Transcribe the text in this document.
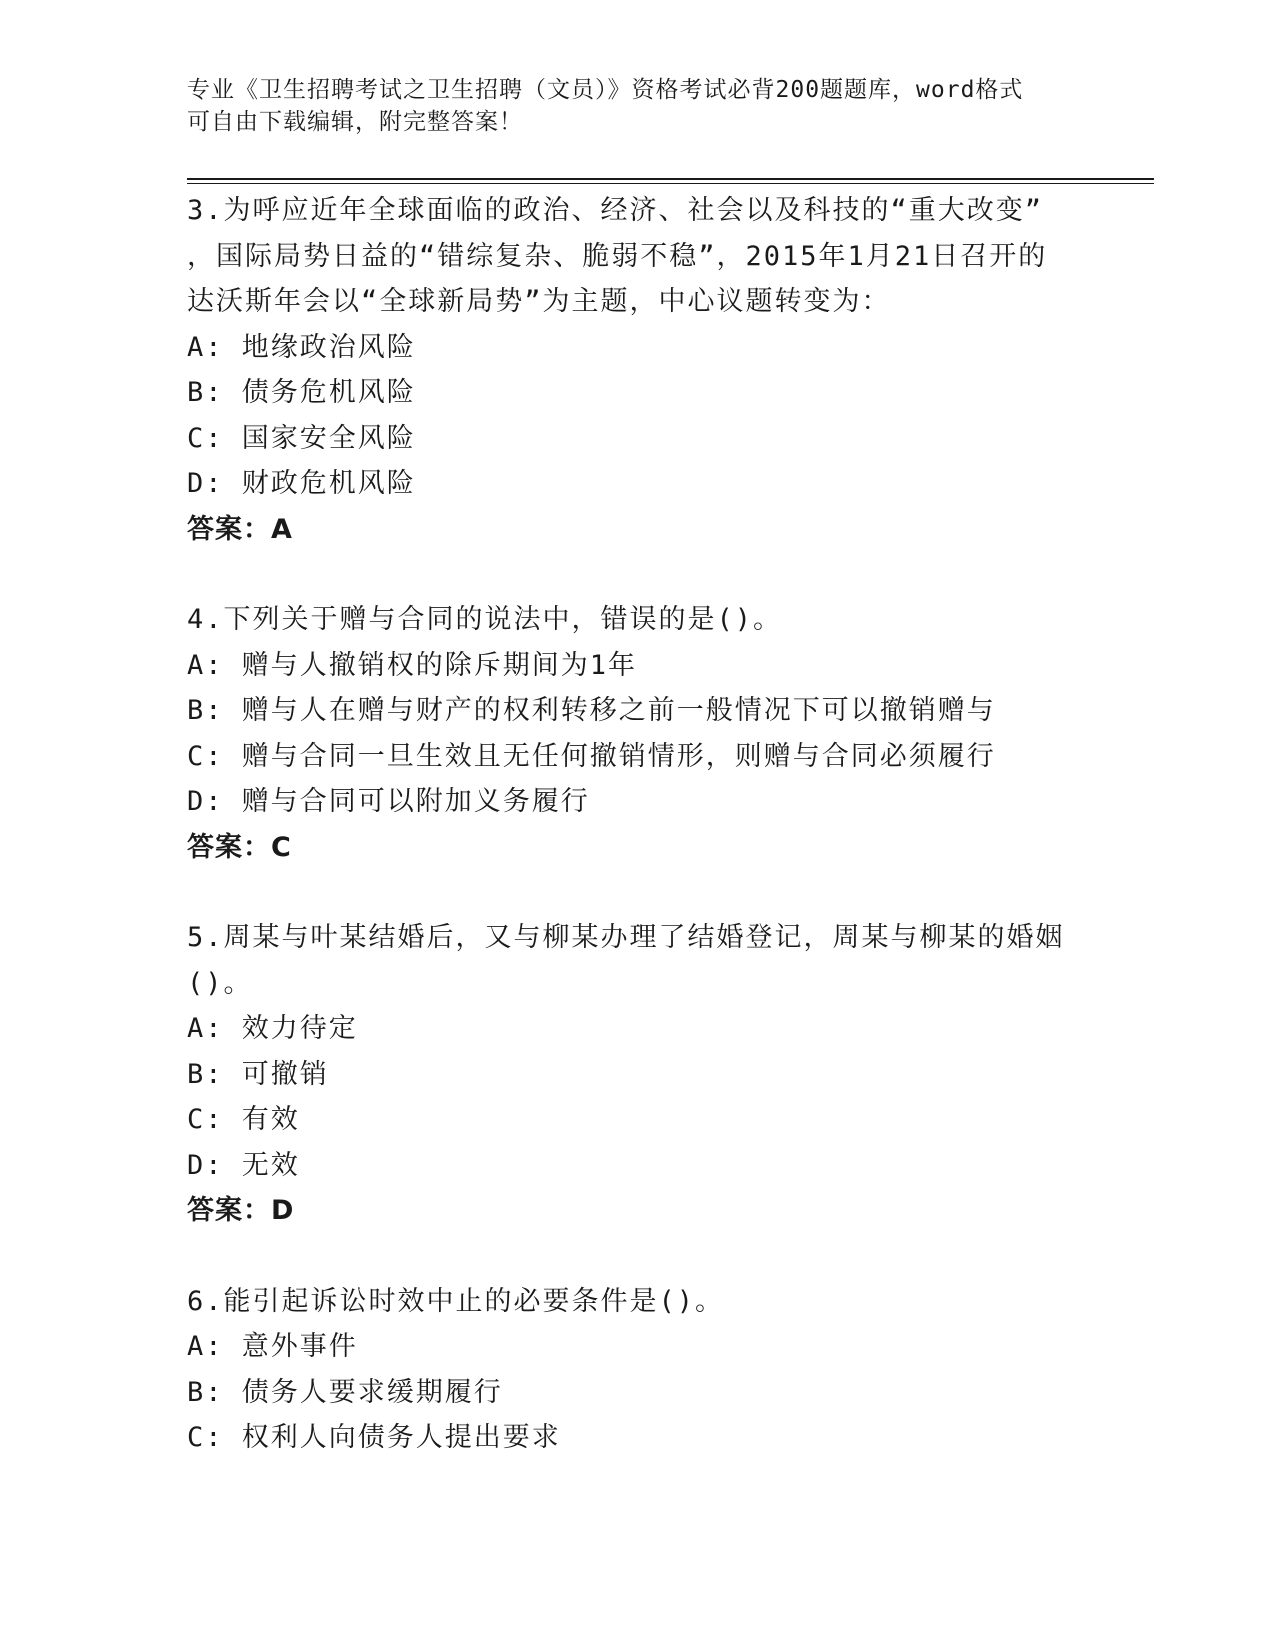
专业《卫生招聘考试之卫生招聘（文员）》资格考试必背200题题库，word格式
可自由下载编辑，附完整答案！
3.为呼应近年全球面临的政治、经济、社会以及科技的“重大改变”
，国际局势日益的“错综复杂、脆弱不稳”，2015年1月21日召开的
达沃斯年会以“全球新局势”为主题，中心议题转变为：
A: 地缘政治风险
B: 债务危机风险
C: 国家安全风险
D: 财政危机风险
答案：A
4.下列关于赠与合同的说法中，错误的是()。
A: 赠与人撤销权的除斥期间为1年
B: 赠与人在赠与财产的权利转移之前一般情况下可以撤销赠与
C: 赠与合同一旦生效且无任何撤销情形，则赠与合同必须履行
D: 赠与合同可以附加义务履行
答案：C
5.周某与叶某结婚后，又与柳某办理了结婚登记，周某与柳某的婚姻
()。
A: 效力待定
B: 可撤销
C: 有效
D: 无效
答案：D
6.能引起诉讼时效中止的必要条件是()。
A: 意外事件
B: 债务人要求缓期履行
C: 权利人向债务人提出要求
